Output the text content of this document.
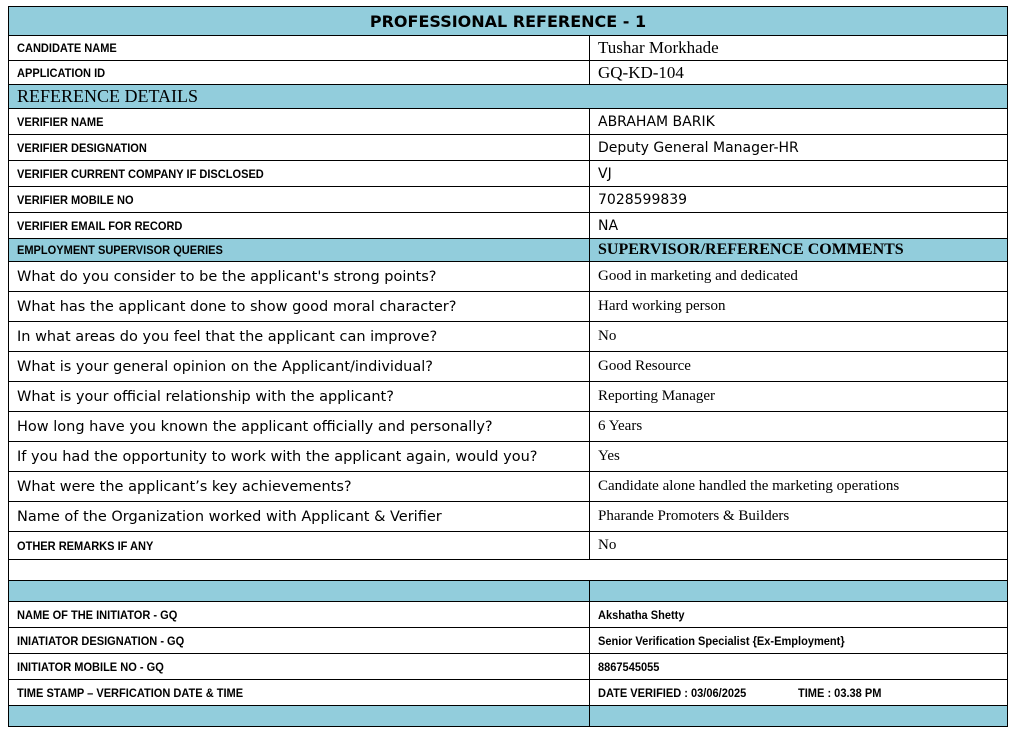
PROFESSIONAL REFERENCE - 1	
CANDIDATE NAME	Tushar Morkhade
APPLICATION ID	GQ-KD-104
REFERENCE DETAILS	
VERIFIER NAME	ABRAHAM BARIK
VERIFIER DESIGNATION	Deputy General Manager-HR
VERIFIER CURRENT COMPANY IF DISCLOSED	VJ
VERIFIER MOBILE NO	7028599839
VERIFIER EMAIL FOR RECORD	NA
EMPLOYMENT SUPERVISOR QUERIES	SUPERVISOR/REFERENCE COMMENTS
What do you consider to be the applicant's strong points?	Good in marketing and dedicated
What has the applicant done to show good moral character?	Hard working person
In what areas do you feel that the applicant can improve?	No
What is your general opinion on the Applicant/individual?	Good Resource
What is your official relationship with the applicant?	Reporting Manager
How long have you known the applicant officially and personally?	6 Years
If you had the opportunity to work with the applicant again, would you?	Yes
What were the applicant’s key achievements?	Candidate alone handled the marketing operations
Name of the Organization worked with Applicant & Verifier	Pharande Promoters & Builders
OTHER REMARKS IF ANY	No

NAME OF THE INITIATOR - GQ	Akshatha Shetty
INIATIATOR DESIGNATION - GQ	Senior Verification Specialist {Ex-Employment}
INITIATOR MOBILE NO - GQ	8867545055
TIME STAMP – VERFICATION DATE & TIME	DATE VERIFIED : 03/06/2025 TIME : 03.38 PM
